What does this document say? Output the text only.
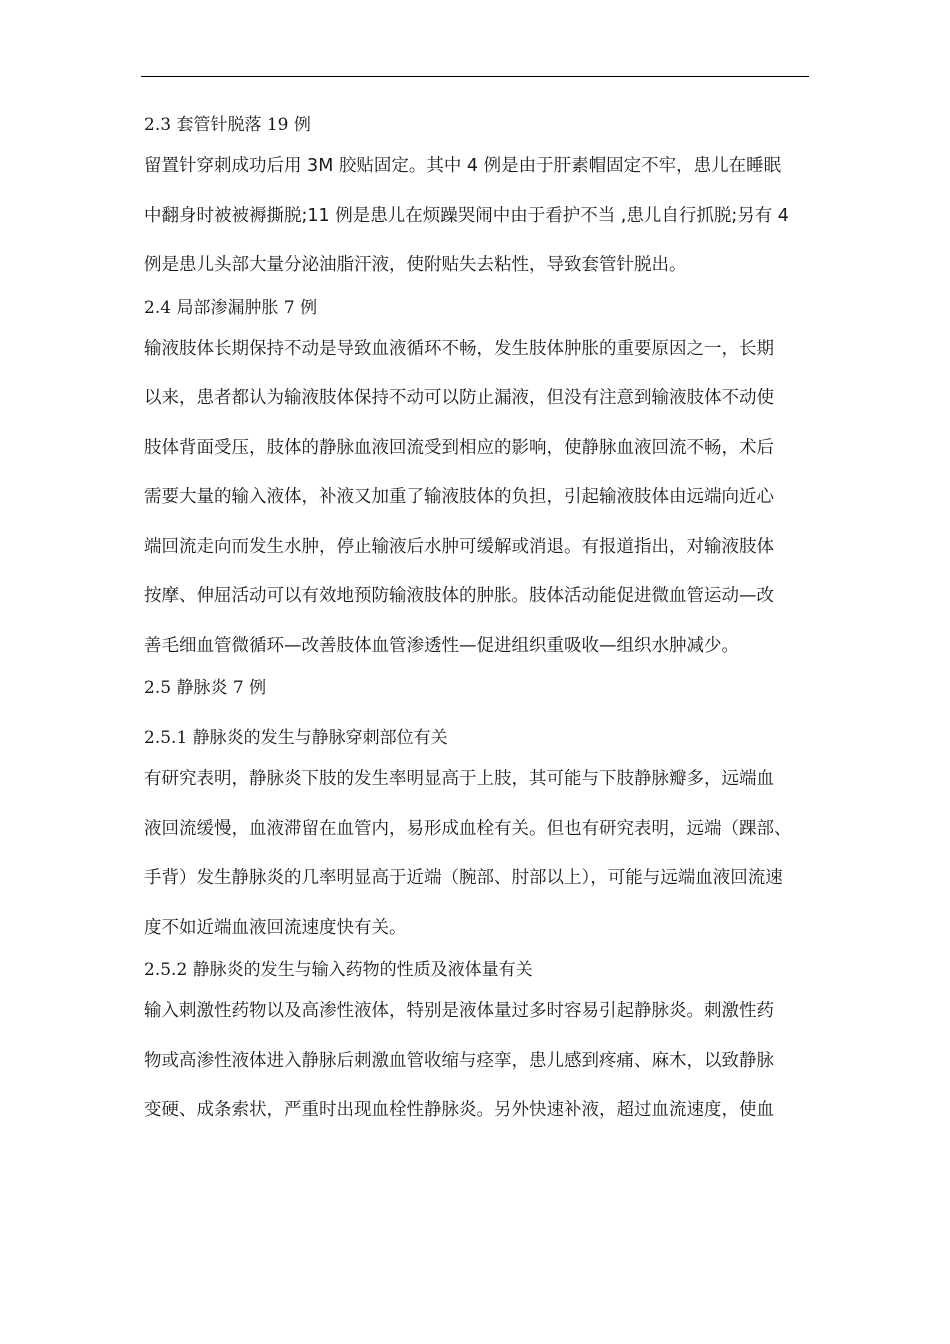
2.3 套管针脱落 19 例
留置针穿刺成功后用 3M 胶贴固定。其中 4 例是由于肝素帽固定不牢，患儿在睡眠
中翻身时被被褥撕脱;11 例是患儿在烦躁哭闹中由于看护不当 ,患儿自行抓脱;另有 4
例是患儿头部大量分泌油脂汗液，使附贴失去粘性，导致套管针脱出。
2.4 局部渗漏肿胀 7 例
输液肢体长期保持不动是导致血液循环不畅，发生肢体肿胀的重要原因之一，长期
以来，患者都认为输液肢体保持不动可以防止漏液，但没有注意到输液肢体不动使
肢体背面受压，肢体的静脉血液回流受到相应的影响，使静脉血液回流不畅，术后
需要大量的输入液体，补液又加重了输液肢体的负担，引起输液肢体由远端向近心
端回流走向而发生水肿，停止输液后水肿可缓解或消退。有报道指出，对输液肢体
按摩、伸屈活动可以有效地预防输液肢体的肿胀。肢体活动能促进微血管运动—改
善毛细血管微循环—改善肢体血管渗透性—促进组织重吸收—组织水肿减少。
2.5 静脉炎 7 例
2.5.1 静脉炎的发生与静脉穿刺部位有关
有研究表明，静脉炎下肢的发生率明显高于上肢，其可能与下肢静脉瓣多，远端血
液回流缓慢，血液滞留在血管内，易形成血栓有关。但也有研究表明，远端（踝部、
手背）发生静脉炎的几率明显高于近端（腕部、肘部以上），可能与远端血液回流速
度不如近端血液回流速度快有关。
2.5.2 静脉炎的发生与输入药物的性质及液体量有关
输入刺激性药物以及高渗性液体，特别是液体量过多时容易引起静脉炎。刺激性药
物或高渗性液体进入静脉后刺激血管收缩与痉挛，患儿感到疼痛、麻木，以致静脉
变硬、成条索状，严重时出现血栓性静脉炎。另外快速补液，超过血流速度，使血
